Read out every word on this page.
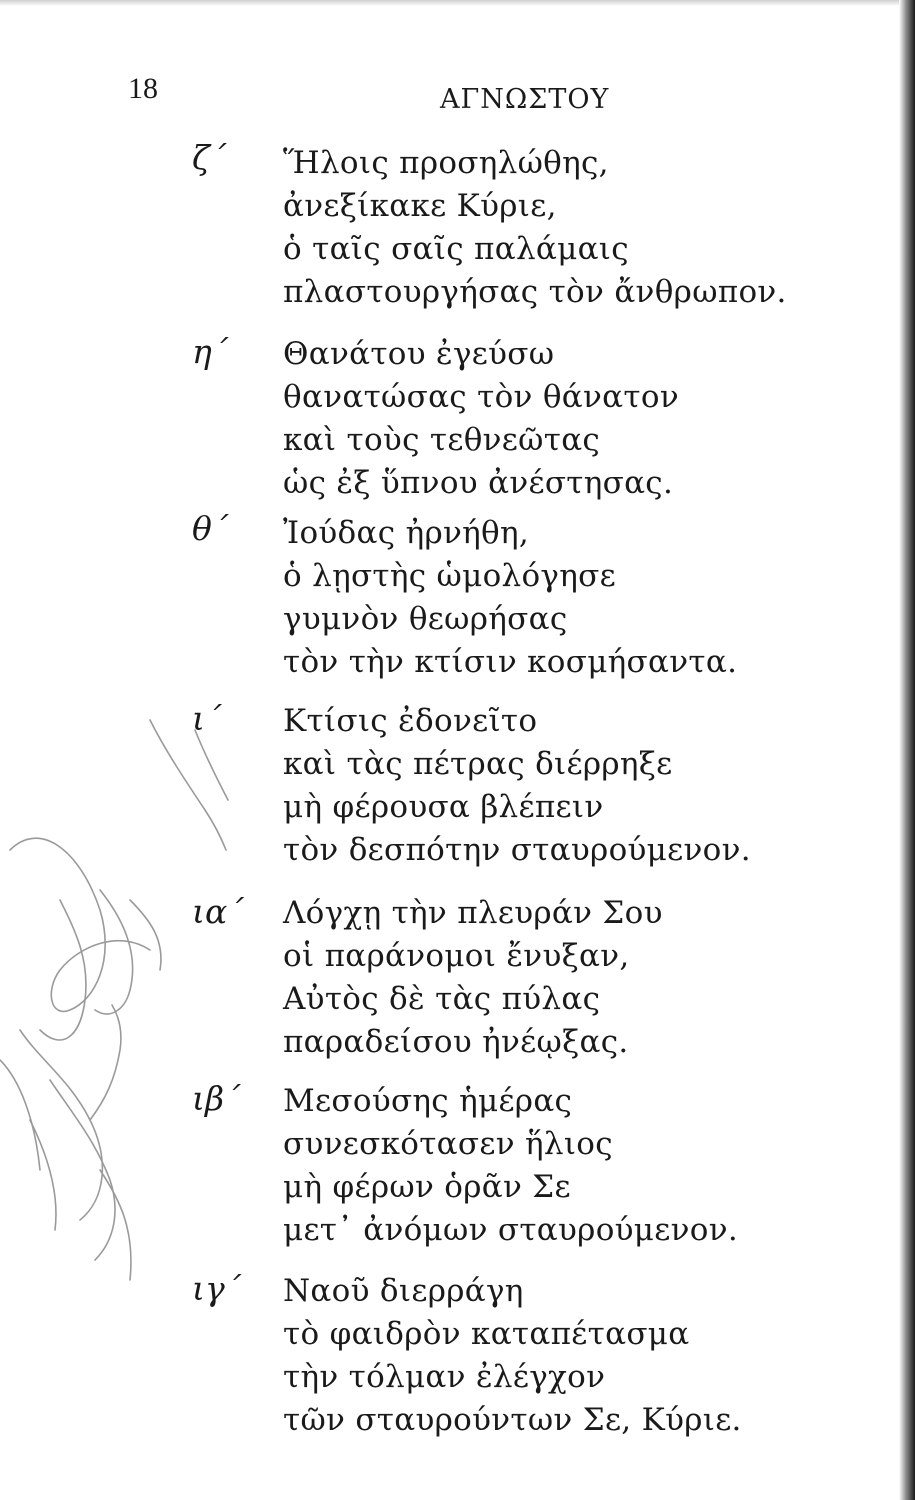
18	ΑΓΝΩΣΤΟΥ
ζ΄ Ἥλοις προσηλώθης,
ἀνεξίκακε Κύριε,
ὁ ταῖς σαῖς παλάμαις
πλαστουργήσας τὸν ἄνθρωπον.
η΄ Θανάτου ἐγεύσω
θανατώσας τὸν θάνατον
καὶ τοὺς τεθνεῶτας
ὡς ἐξ ὕπνου ἀνέστησας.
θ΄ Ἰούδας ἠρνήθη,
ὁ λῃστὴς ὡμολόγησε
γυμνὸν θεωρήσας
τὸν τὴν κτίσιν κοσμήσαντα.
ι΄ Κτίσις ἐδονεῖτο
καὶ τὰς πέτρας διέρρηξε
μὴ φέρουσα βλέπειν
τὸν δεσπότην σταυρούμενον.
ια΄ Λόγχῃ τὴν πλευράν Σου
οἱ παράνομοι ἔνυξαν,
Αὐτὸς δὲ τὰς πύλας
παραδείσου ἠνέῳξας.
ιβ΄ Μεσούσης ἡμέρας
συνεσκότασεν ἥλιος
μὴ φέρων ὁρᾶν Σε
μετ᾽ ἀνόμων σταυρούμενον.
ιγ΄ Ναοῦ διερράγη
τὸ φαιδρὸν καταπέτασμα
τὴν τόλμαν ἐλέγχον
τῶν σταυρούντων Σε, Κύριε.
